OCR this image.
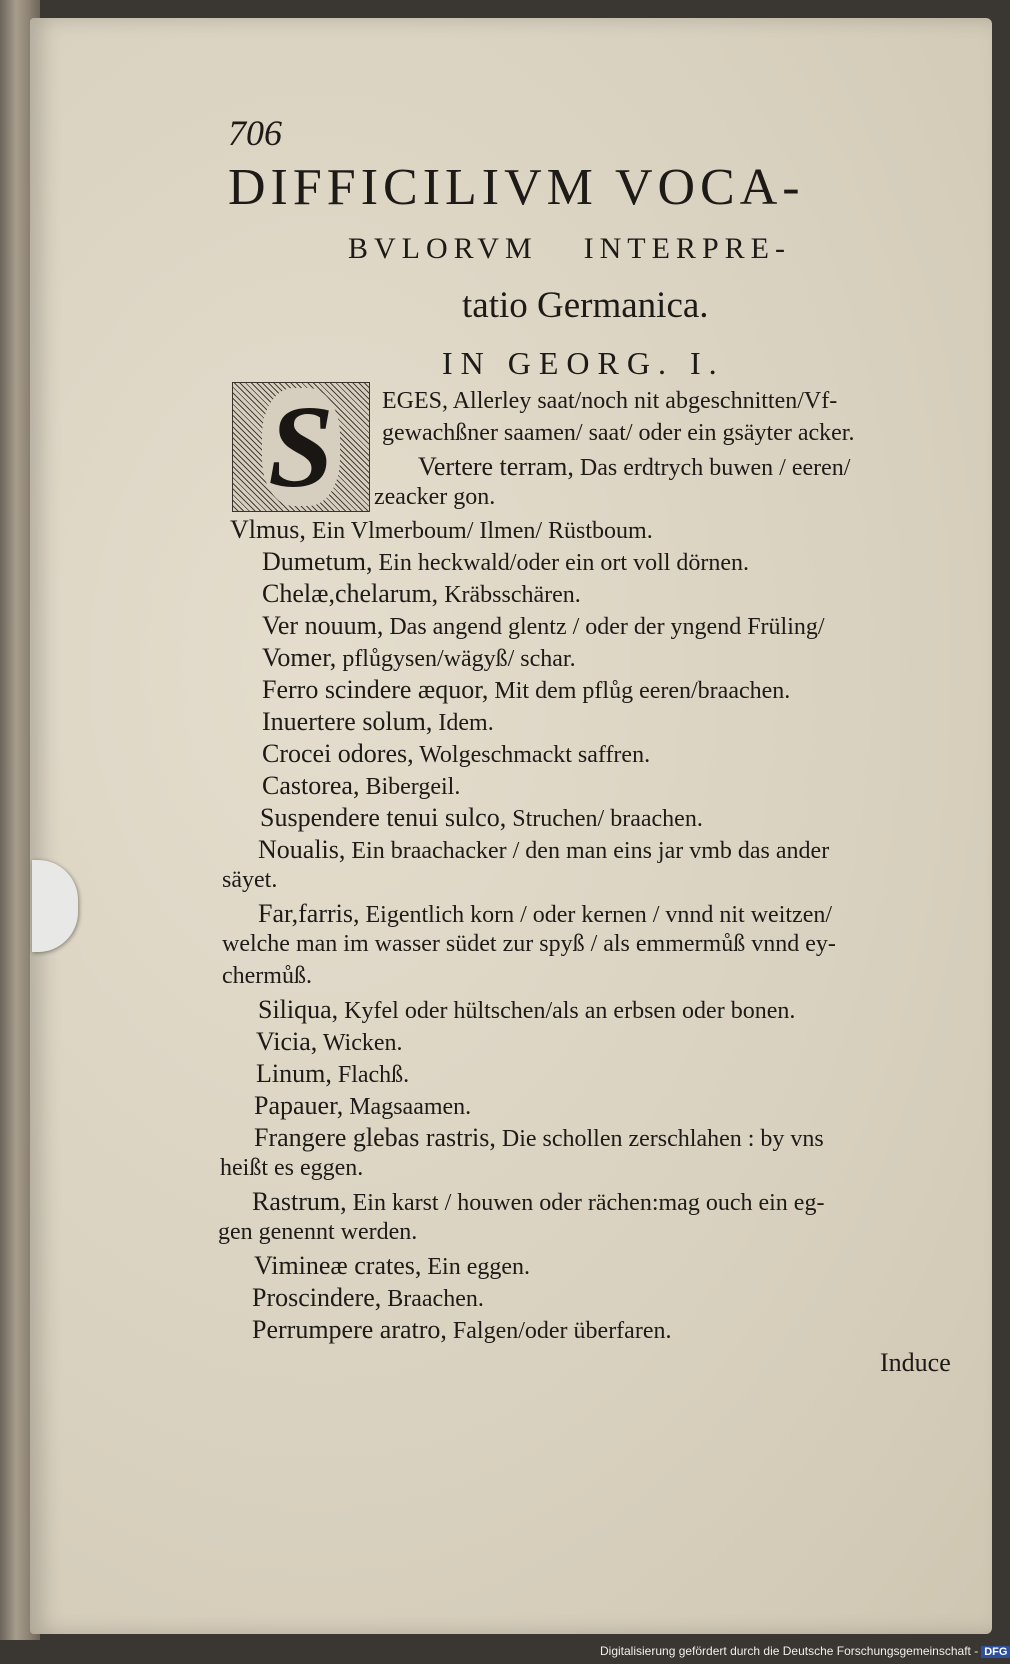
706
DIFFICILIVM VOCA-
BVLORVM INTERPRE-
tatio Germanica.
IN GEORG. I.
S EGES, Allerley saat/noch nit abgeschnitten/Vf-
gewachßner saamen/ saat/ oder ein gsäyter acker.
Vertere terram, Das erdtrych buwen / eeren/
zeacker gon.
Vlmus, Ein Vlmerboum/ Ilmen/ Rüstboum.
Dumetum, Ein heckwald/oder ein ort voll dörnen.
Chelæ,chelarum, Kräbsschären.
Ver nouum, Das angend glentz / oder der yngend Früling/
Vomer, pflůgysen/wägyß/ schar.
Ferro scindere æquor, Mit dem pflůg eeren/braachen.
Inuertere solum, Idem.
Crocei odores, Wolgeschmackt saffren.
Castorea, Bibergeil.
Suspendere tenui sulco, Struchen/ braachen.
Noualis, Ein braachacker / den man eins jar vmb das ander
säyet.
Far,farris, Eigentlich korn / oder kernen / vnnd nit weitzen/
welche man im wasser südet zur spyß / als emmermůß vnnd ey-
chermůß.
Siliqua, Kyfel oder hültschen/als an erbsen oder bonen.
Vicia, Wicken.
Linum, Flachß.
Papauer, Magsaamen.
Frangere glebas rastris, Die schollen zerschlahen : by vns
heißt es eggen.
Rastrum, Ein karst / houwen oder rächen:mag ouch ein eg-
gen genennt werden.
Vimineæ crates, Ein eggen.
Proscindere, Braachen.
Perrumpere aratro, Falgen/oder überfaren.
Induce
Digitalisierung gefördert durch die Deutsche Forschungsgemeinschaft - DFG
